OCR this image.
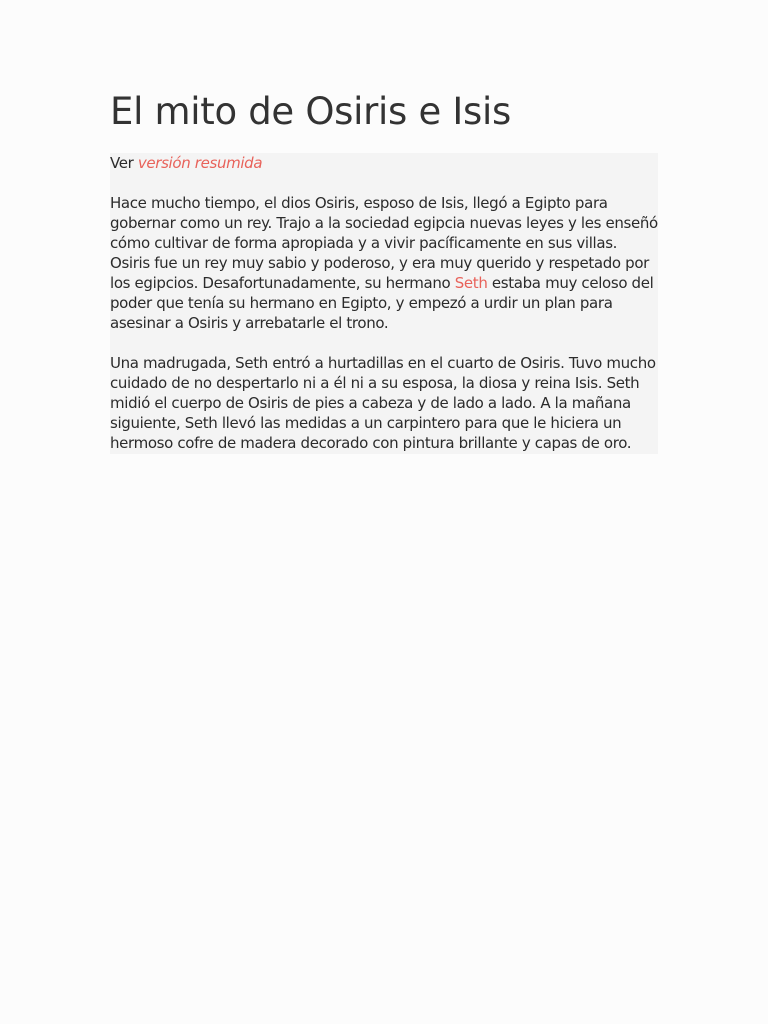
El mito de Osiris e Isis

Ver versión resumida

Hace mucho tiempo, el dios Osiris, esposo de Isis, llegó a Egipto para gobernar como un rey. Trajo a la sociedad egipcia nuevas leyes y les enseñó cómo cultivar de forma apropiada y a vivir pacíficamente en sus villas. Osiris fue un rey muy sabio y poderoso, y era muy querido y respetado por los egipcios. Desafortunadamente, su hermano Seth estaba muy celoso del poder que tenía su hermano en Egipto, y empezó a urdir un plan para asesinar a Osiris y arrebatarle el trono.

Una madrugada, Seth entró a hurtadillas en el cuarto de Osiris. Tuvo mucho cuidado de no despertarlo ni a él ni a su esposa, la diosa y reina Isis. Seth midió el cuerpo de Osiris de pies a cabeza y de lado a lado. A la mañana siguiente, Seth llevó las medidas a un carpintero para que le hiciera un hermoso cofre de madera decorado con pintura brillante y capas de oro.
